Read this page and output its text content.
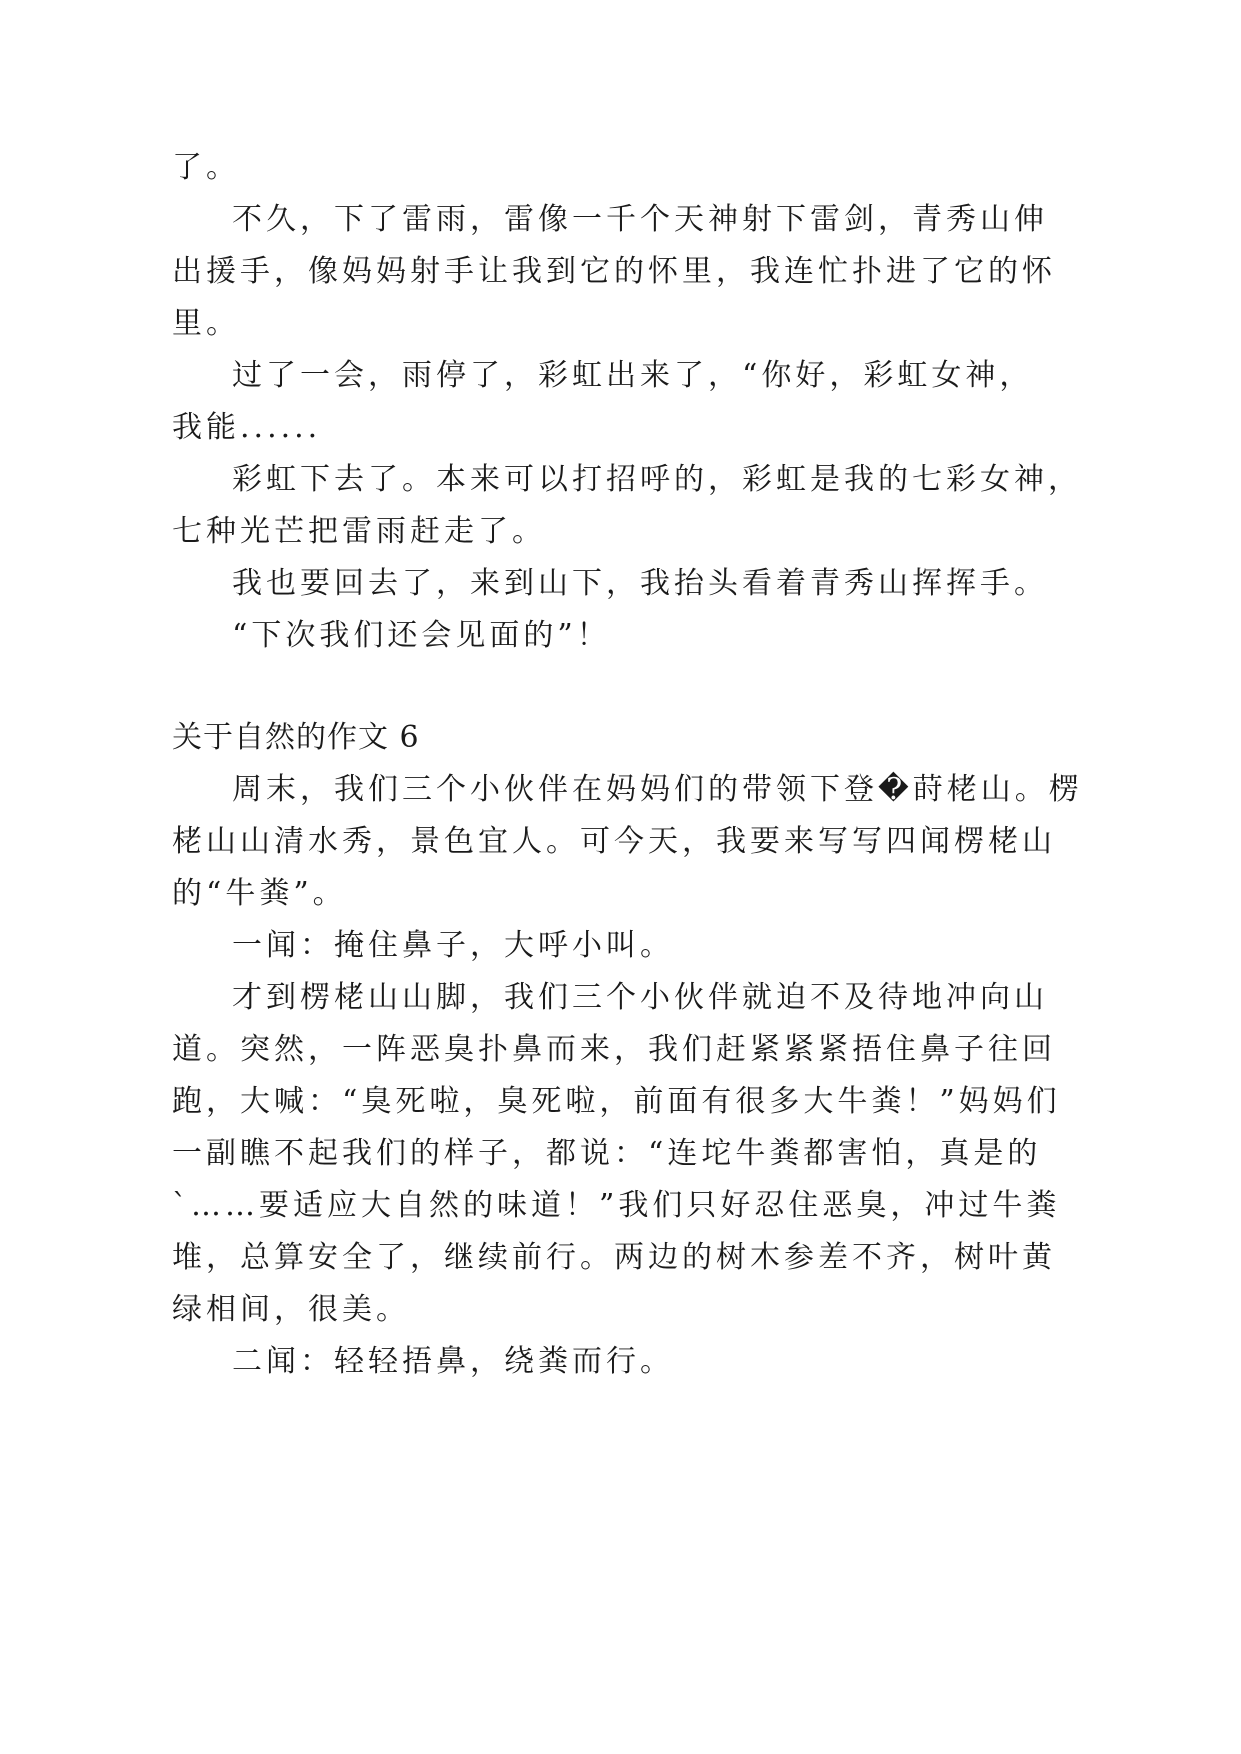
了。
不久，下了雷雨，雷像一千个天神射下雷剑，青秀山伸
出援手，像妈妈射手让我到它的怀里，我连忙扑进了它的怀
里。
过了一会，雨停了，彩虹出来了，“你好，彩虹女神，
我能......
彩虹下去了。本来可以打招呼的，彩虹是我的七彩女神，
七种光芒把雷雨赶走了。
我也要回去了，来到山下，我抬头看着青秀山挥挥手。
“下次我们还会见面的”！
关于自然的作文 6
周末，我们三个小伙伴在妈妈们的带领下登�莳栳山。楞
栳山山清水秀，景色宜人。可今天，我要来写写四闻楞栳山
的“牛粪”。
一闻：掩住鼻子，大呼小叫。
才到楞栳山山脚，我们三个小伙伴就迫不及待地冲向山
道。突然，一阵恶臭扑鼻而来，我们赶紧紧紧捂住鼻子往回
跑，大喊：“臭死啦，臭死啦，前面有很多大牛粪！”妈妈们
一副瞧不起我们的样子，都说：“连坨牛粪都害怕，真是的
`……要适应大自然的味道！”我们只好忍住恶臭，冲过牛粪
堆，总算安全了，继续前行。两边的树木参差不齐，树叶黄
绿相间，很美。
二闻：轻轻捂鼻，绕粪而行。
